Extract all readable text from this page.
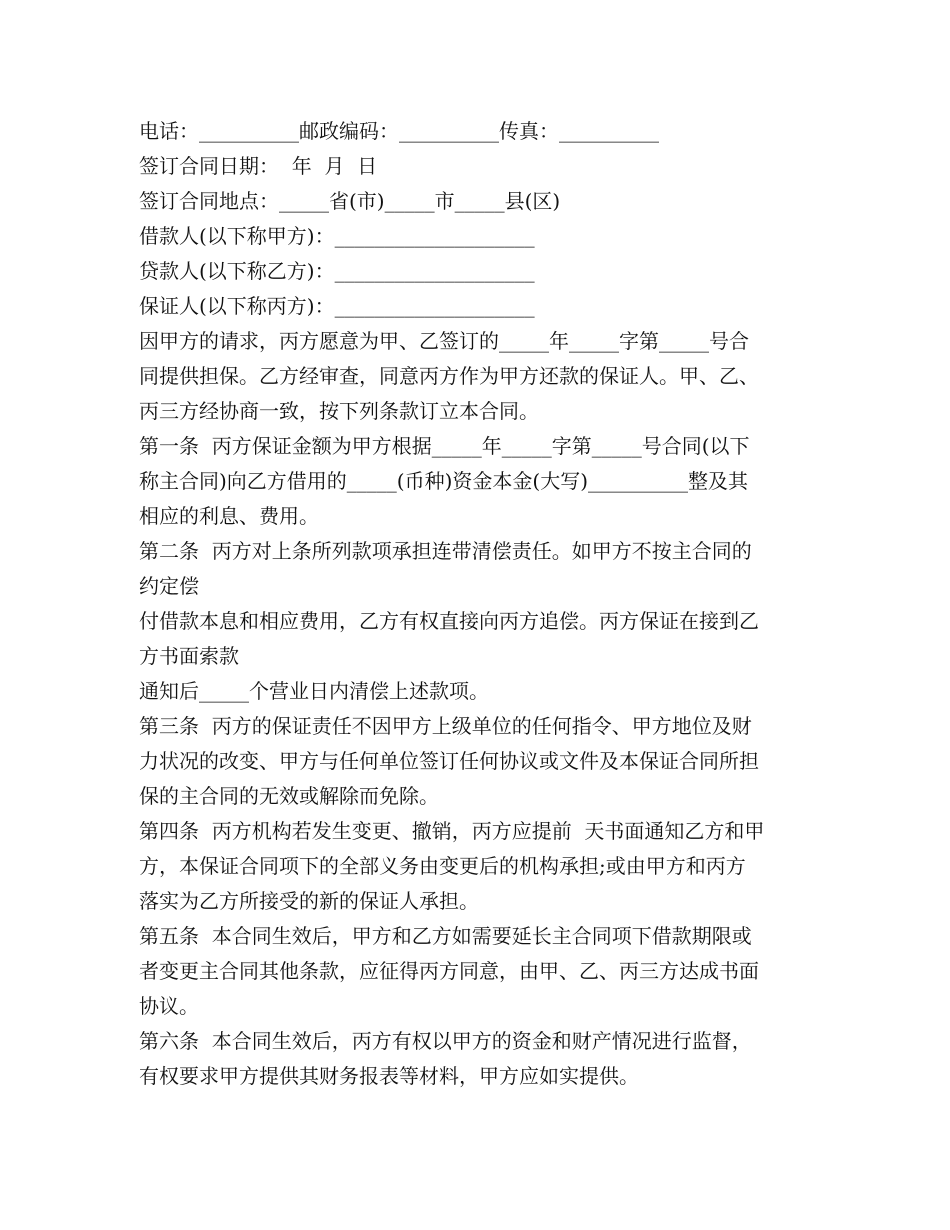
电话：__________邮政编码：__________传真：__________
签订合同日期：  年  月  日
签订合同地点：_____省(市)_____市_____县(区)
借款人(以下称甲方)：____________________
贷款人(以下称乙方)：____________________
保证人(以下称丙方)：____________________
因甲方的请求，丙方愿意为甲、乙签订的_____年_____字第_____号合
同提供担保。乙方经审查，同意丙方作为甲方还款的保证人。甲、乙、
丙三方经协商一致，按下列条款订立本合同。
第一条  丙方保证金额为甲方根据_____年_____字第_____号合同(以下
称主合同)向乙方借用的_____(币种)资金本金(大写)__________整及其
相应的利息、费用。
第二条  丙方对上条所列款项承担连带清偿责任。如甲方不按主合同的
约定偿
付借款本息和相应费用，乙方有权直接向丙方追偿。丙方保证在接到乙
方书面索款
通知后_____个营业日内清偿上述款项。
第三条  丙方的保证责任不因甲方上级单位的任何指令、甲方地位及财
力状况的改变、甲方与任何单位签订任何协议或文件及本保证合同所担
保的主合同的无效或解除而免除。
第四条  丙方机构若发生变更、撤销，丙方应提前  天书面通知乙方和甲
方，本保证合同项下的全部义务由变更后的机构承担;或由甲方和丙方
落实为乙方所接受的新的保证人承担。
第五条  本合同生效后，甲方和乙方如需要延长主合同项下借款期限或
者变更主合同其他条款，应征得丙方同意，由甲、乙、丙三方达成书面
协议。
第六条  本合同生效后，丙方有权以甲方的资金和财产情况进行监督，
有权要求甲方提供其财务报表等材料，甲方应如实提供。
